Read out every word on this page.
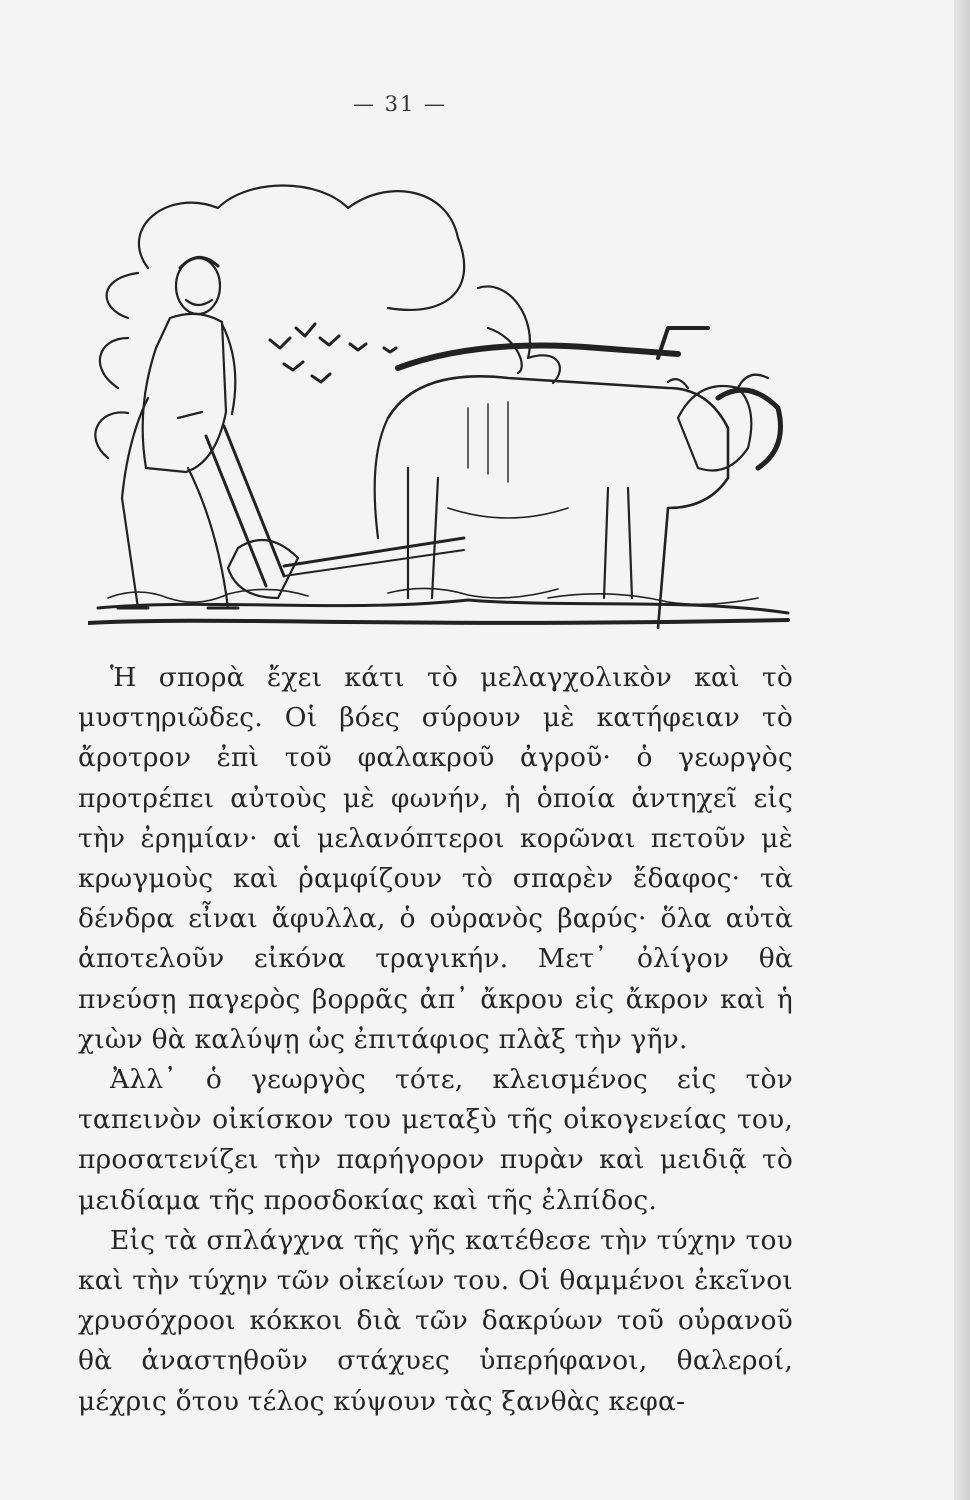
— 31 —

Ἡ σπορὰ ἔχει κάτι τὸ μελαγχολικὸν καὶ τὸ μυστηριῶδες. Οἱ βόες σύρουν μὲ κατήφειαν τὸ ἄροτρον ἐπὶ τοῦ φαλακροῦ ἀγροῦ· ὁ γεωργὸς προτρέπει αὐτοὺς μὲ φωνήν, ἡ ὁποία ἀντηχεῖ εἰς τὴν ἐρημίαν· αἱ μελανόπτεροι κορῶναι πετοῦν μὲ κρωγμοὺς καὶ ῥαμφίζουν τὸ σπαρὲν ἔδαφος· τὰ δένδρα εἶναι ἄφυλλα, ὁ οὐρανὸς βαρύς· ὅλα αὐτὰ ἀποτελοῦν εἰκόνα τραγικήν. Μετ᾽ ὀλίγον θὰ πνεύσῃ παγερὸς βορρᾶς ἀπ᾽ ἄκρου εἰς ἄκρον καὶ ἡ χιὼν θὰ καλύψῃ ὡς ἐπιτάφιος πλὰξ τὴν γῆν.

Ἀλλ᾽ ὁ γεωργὸς τότε, κλεισμένος εἰς τὸν ταπεινὸν οἰκίσκον του μεταξὺ τῆς οἰκογενείας του, προσατενίζει τὴν παρήγορον πυρὰν καὶ μειδιᾷ τὸ μειδίαμα τῆς προσδοκίας καὶ τῆς ἐλπίδος.

Εἰς τὰ σπλάγχνα τῆς γῆς κατέθεσε τὴν τύχην του καὶ τὴν τύχην τῶν οἰκείων του. Οἱ θαμμένοι ἐκεῖνοι χρυσόχροοι κόκκοι διὰ τῶν δακρύων τοῦ οὐρανοῦ θὰ ἀναστηθοῦν στάχυες ὑπερήφανοι, θαλεροί, μέχρις ὅτου τέλος κύψουν τὰς ξανθὰς κεφα-
